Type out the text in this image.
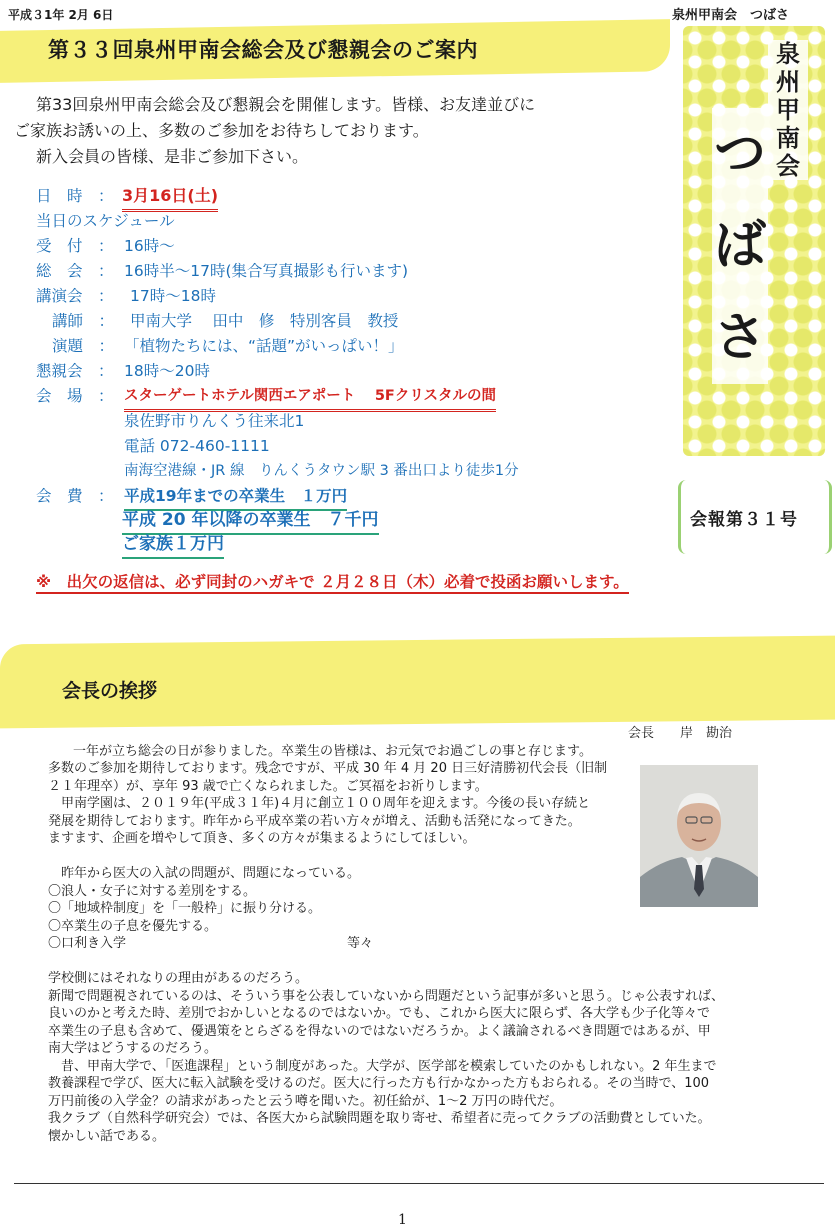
平成３1年 2月 6日	泉州甲南会　つばさ
第３３回泉州甲南会総会及び懇親会のご案内	泉州甲南会
つばさ
会報第３１号
第33回泉州甲南会総会及び懇親会を開催します。皆様、お友達並びに
ご家族お誘いの上、多数のご参加をお待ちしております。
新入会員の皆様、是非ご参加下さい。
日　時　： 3月16日(土)
当日のスケジュール
受　付　： 16時～
総　会　： 16時半～17時(集合写真撮影も行います)
講演会　： 17時～18時
講師　： 甲南大学　 田中　修　特別客員　教授
演題　： 「植物たちには、“話題”がいっぱい！」
懇親会　： 18時～20時
会　場　： スターゲートホテル関西エアポート　 5Fクリスタルの間
泉佐野市りんくう往来北1
電話 072-460-1111
南海空港線・JR 線　りんくうタウン駅 3 番出口より徒歩1分
会　費　： 平成19年までの卒業生　１万円
平成 20 年以降の卒業生　７千円
ご家族１万円
※　出欠の返信は、必ず同封のハガキで ２月２８日（木）必着で投函お願いします。
会長の挨拶
会長　　岸　勘治
　一年が立ち総会の日が参りました。卒業生の皆様は、お元気でお過ごしの事と存じます。
多数のご参加を期待しております。残念ですが、平成 30 年 4 月 20 日三好清勝初代会長（旧制
２１年理卒）が、享年 93 歳で亡くなられました。ご冥福をお祈りします。
　甲南学園は、２０１９年(平成３１年)４月に創立１００周年を迎えます。今後の長い存続と
発展を期待しております。昨年から平成卒業の若い方々が増え、活動も活発になってきた。
ますます、企画を増やして頂き、多くの方々が集まるようにしてほしい。
　昨年から医大の入試の問題が、問題になっている。
〇浪人・女子に対する差別をする。
〇「地域枠制度」を「一般枠」に振り分ける。
〇卒業生の子息を優先する。
〇口利き入学　　　　　　　　　　　　　　　　　等々
学校側にはそれなりの理由があるのだろう。
新聞で問題視されているのは、そういう事を公表していないから問題だという記事が多いと思う。じゃ公表すれば、
良いのかと考えた時、差別でおかしいとなるのではないか。でも、これから医大に限らず、各大学も少子化等々で
卒業生の子息も含めて、優遇策をとらざるを得ないのではないだろうか。よく議論されるべき問題ではあるが、甲
南大学はどうするのだろう。
　昔、甲南大学で、「医進課程」という制度があった。大学が、医学部を模索していたのかもしれない。2 年生まで
教養課程で学び、医大に転入試験を受けるのだ。医大に行った方も行かなかった方もおられる。その当時で、100
万円前後の入学金？の請求があったと云う噂を聞いた。初任給が、1～2 万円の時代だ。
我クラブ（自然科学研究会）では、各医大から試験問題を取り寄せ、希望者に売ってクラブの活動費としていた。
懐かしい話である。
1
